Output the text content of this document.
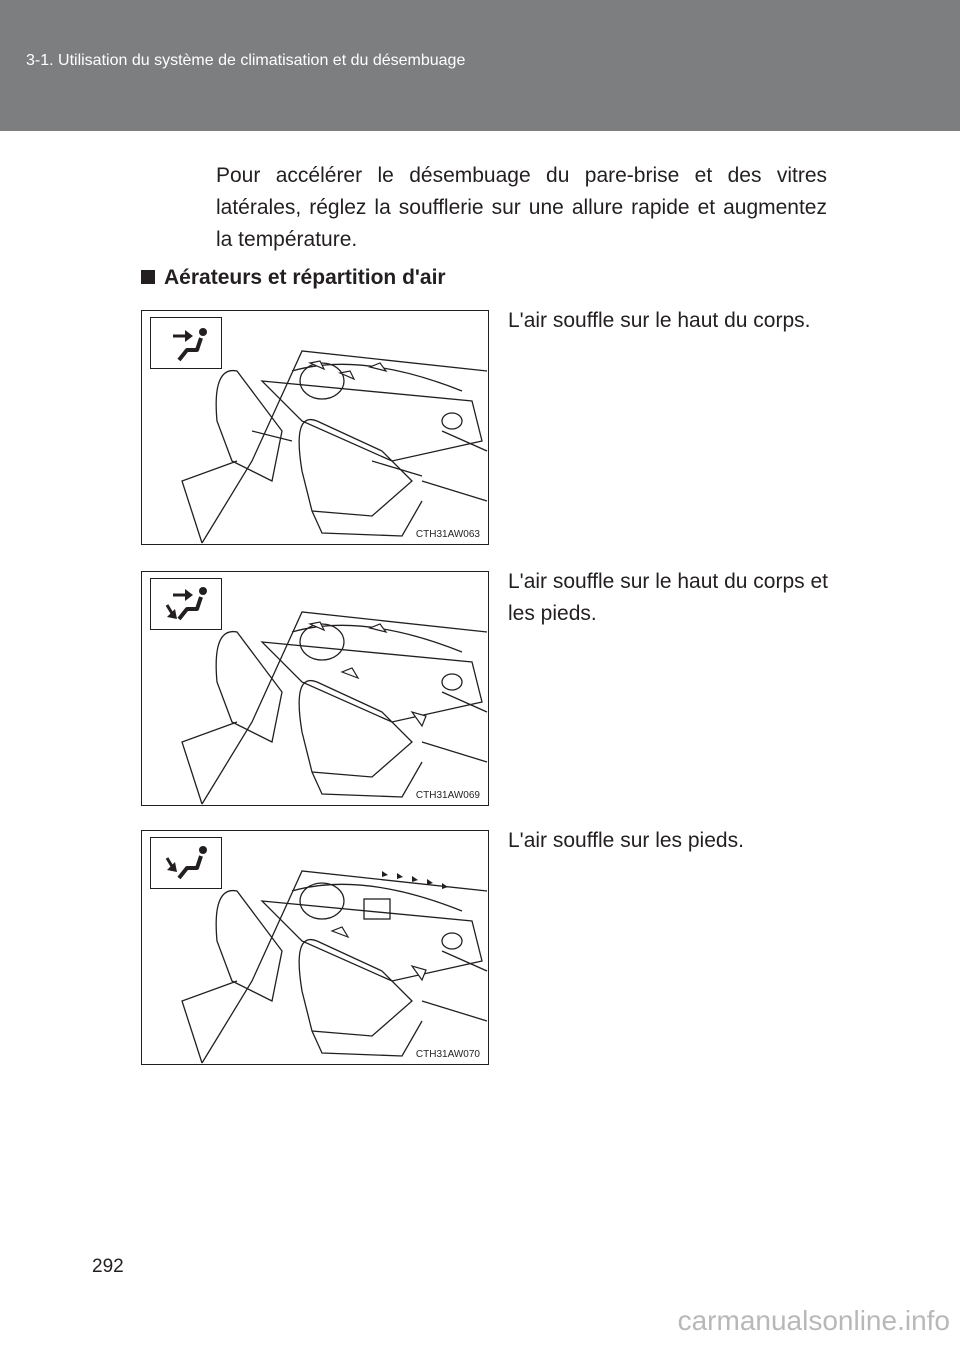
3-1. Utilisation du système de climatisation et du désembuage
Pour accélérer le désembuage du pare-brise et des vitres latérales, réglez la soufflerie sur une allure rapide et augmentez la température.
Aérateurs et répartition d'air
CTH31AW063
L'air souffle sur le haut du corps.
CTH31AW069
L'air souffle sur le haut du corps et les pieds.
CTH31AW070
L'air souffle sur les pieds.
292
carmanualsonline.info
